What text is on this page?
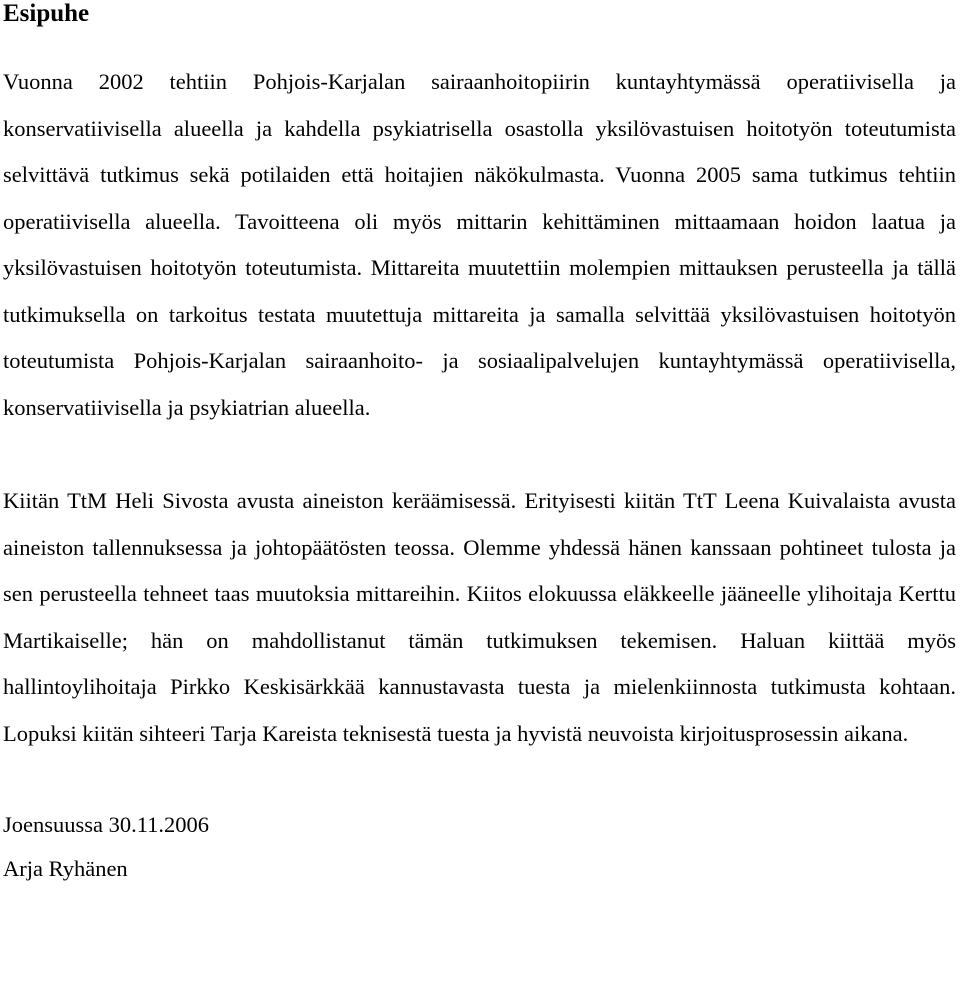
Esipuhe

Vuonna 2002 tehtiin Pohjois-Karjalan sairaanhoitopiirin kuntayhtymässä operatiivisella ja konservatiivisella alueella ja kahdella psykiatrisella osastolla yksilövastuisen hoitotyön toteutumista selvittävä tutkimus sekä potilaiden että hoitajien näkökulmasta. Vuonna 2005 sama tutkimus tehtiin operatiivisella alueella. Tavoitteena oli myös mittarin kehittäminen mittaamaan hoidon laatua ja yksilövastuisen hoitotyön toteutumista. Mittareita muutettiin molempien mittauksen perusteella ja tällä tutkimuksella on tarkoitus testata muutettuja mittareita ja samalla selvittää yksilövastuisen hoitotyön toteutumista Pohjois-Karjalan sairaanhoito- ja sosiaalipalvelujen kuntayhtymässä operatiivisella, konservatiivisella ja psykiatrian alueella.

Kiitän TtM Heli Sivosta avusta aineiston keräämisessä. Erityisesti kiitän TtT Leena Kuivalaista avusta aineiston tallennuksessa ja johtopäätösten teossa. Olemme yhdessä hänen kanssaan pohtineet tulosta ja sen perusteella tehneet taas muutoksia mittareihin. Kiitos elokuussa eläkkeelle jääneelle ylihoitaja Kerttu Martikaiselle; hän on mahdollistanut tämän tutkimuksen tekemisen. Haluan kiittää myös hallintoylihoitaja Pirkko Keskisärkkää kannustavasta tuesta ja mielenkiinnosta tutkimusta kohtaan. Lopuksi kiitän sihteeri Tarja Kareista teknisestä tuesta ja hyvistä neuvoista kirjoitusprosessin aikana.

Joensuussa 30.11.2006

Arja Ryhänen
